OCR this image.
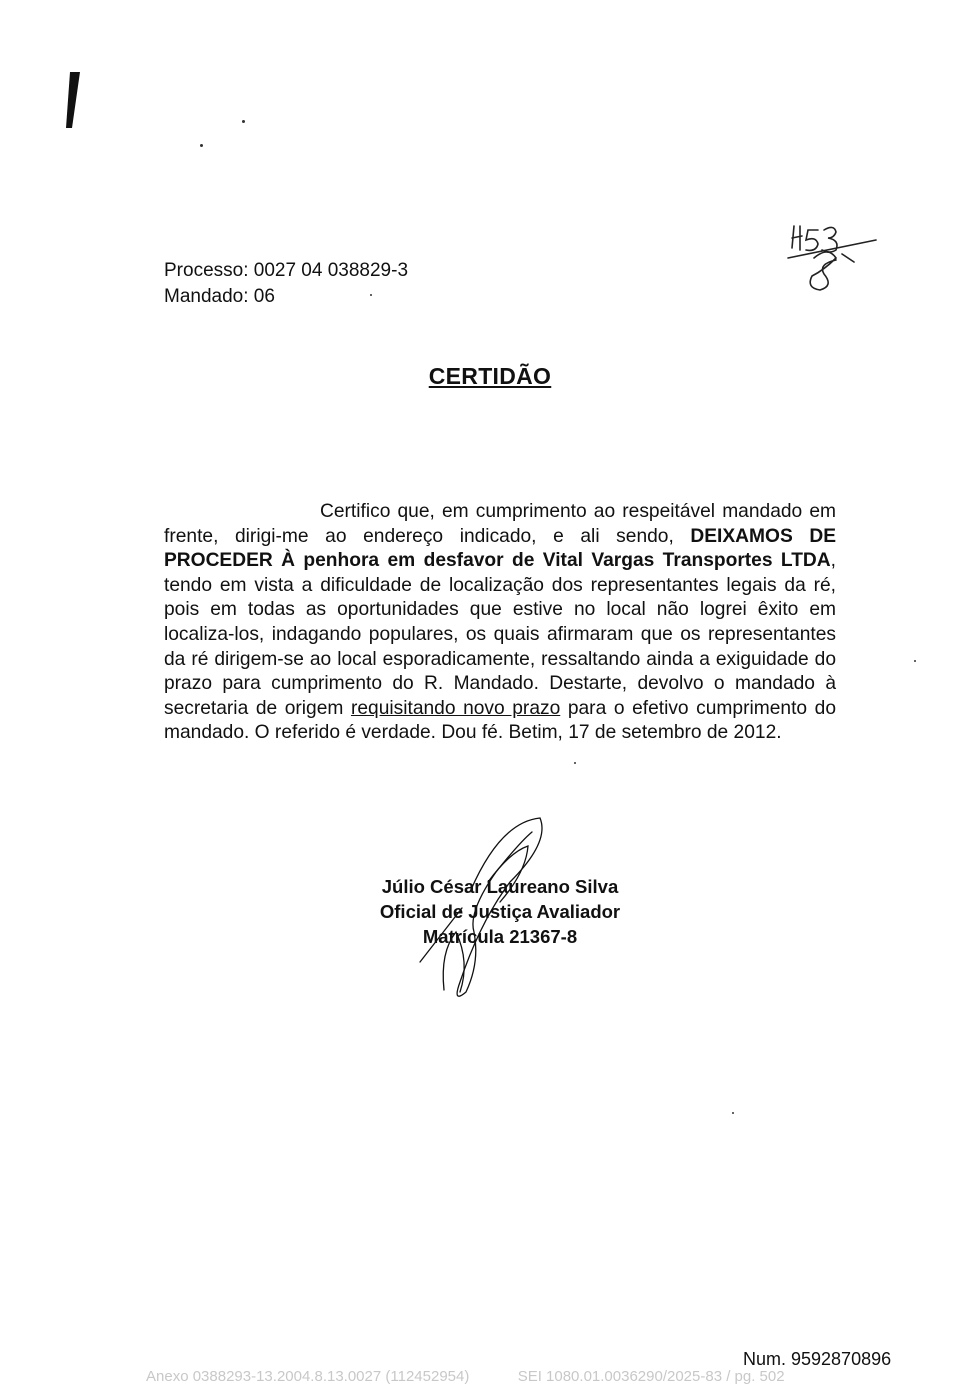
Processo: 0027 04 038829-3
Mandado: 06
CERTIDÃO
Certifico que, em cumprimento ao respeitável mandado em frente, dirigi-me ao endereço indicado, e ali sendo, DEIXAMOS DE PROCEDER À penhora em desfavor de Vital Vargas Transportes LTDA, tendo em vista a dificuldade de localização dos representantes legais da ré, pois em todas as oportunidades que estive no local não logrei êxito em localiza-los, indagando populares, os quais afirmaram que os representantes da ré dirigem-se ao local esporadicamente, ressaltando ainda a exiguidade do prazo para cumprimento do R. Mandado. Destarte, devolvo o mandado à secretaria de origem requisitando novo prazo para o efetivo cumprimento do mandado. O referido é verdade. Dou fé. Betim, 17 de setembro de 2012.
Júlio César Laureano Silva
Oficial de Justiça Avaliador
Matrícula 21367-8
Num. 9592870896
Anexo 0388293-13.2004.8.13.0027 (112452954)	SEI 1080.01.0036290/2025-83 / pg. 502
